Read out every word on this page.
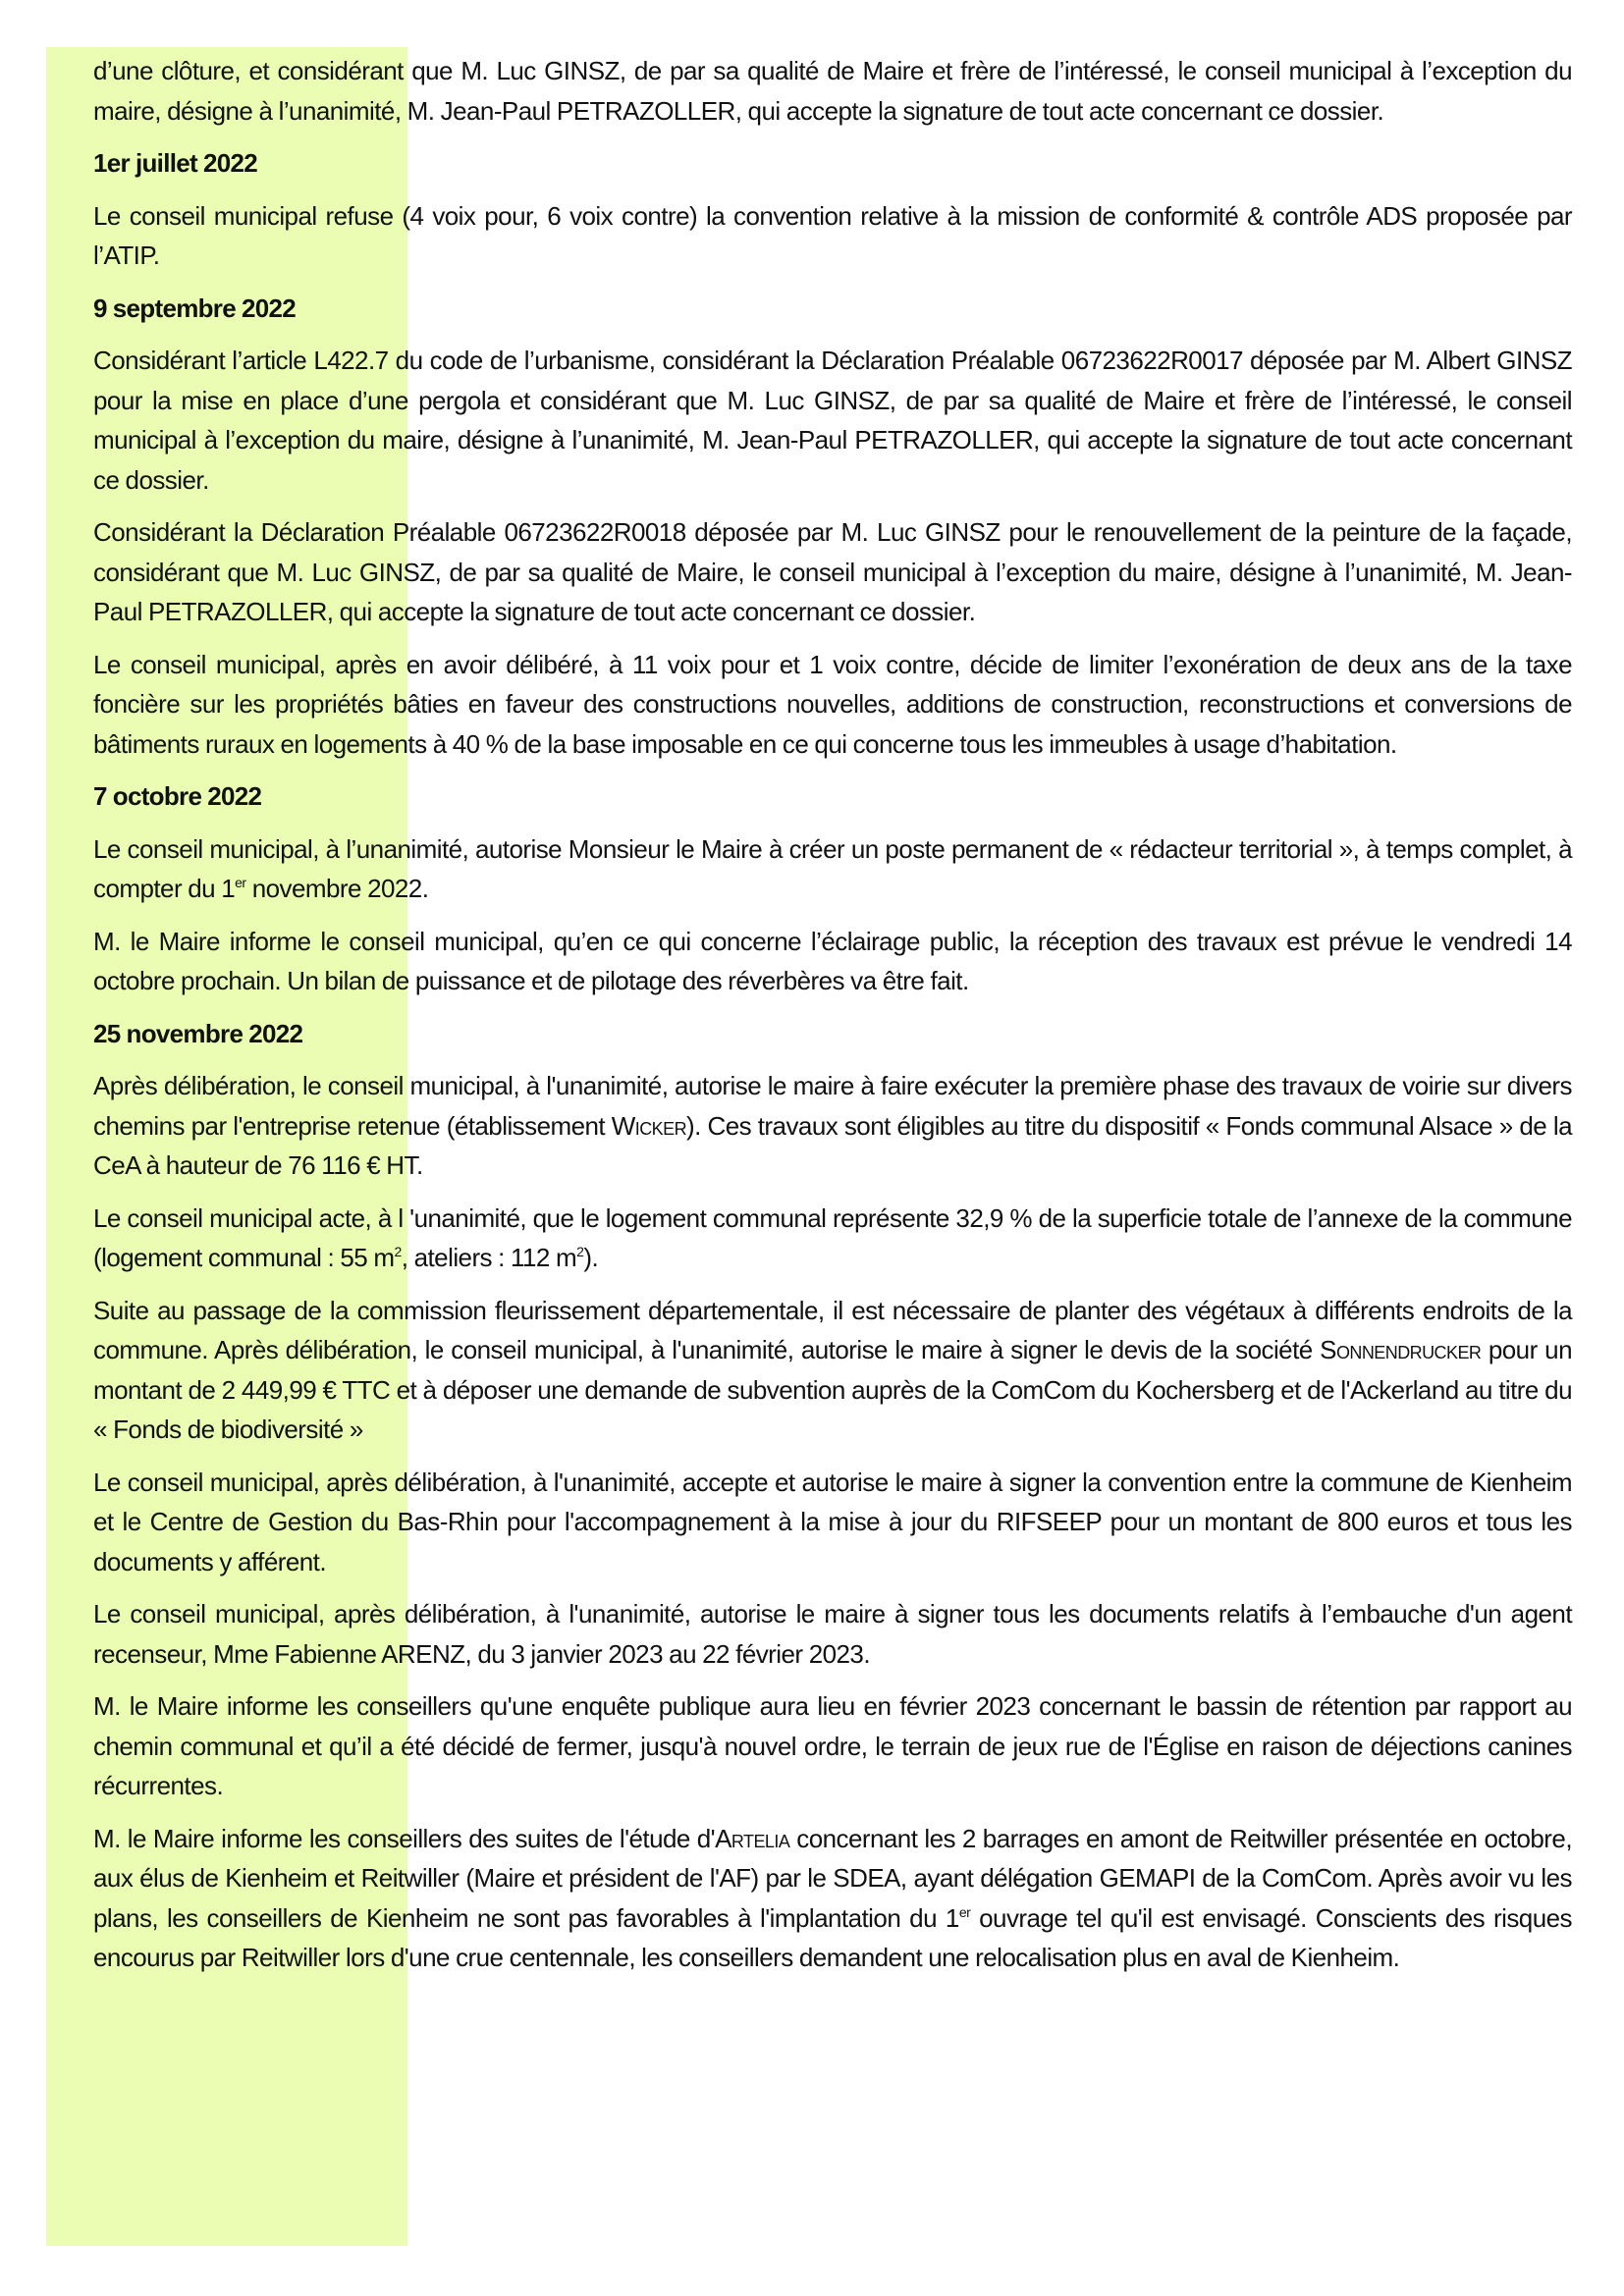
d’une clôture, et considérant que M. Luc GINSZ, de par sa qualité de Maire et frère de l’intéressé, le conseil municipal à l’exception du maire, désigne à l’unanimité, M. Jean-Paul PETRAZOLLER, qui accepte la signature de tout acte concernant ce dossier.

1er juillet 2022

Le conseil municipal refuse (4 voix pour, 6 voix contre) la convention relative à la mission de conformité & contrôle ADS proposée par l’ATIP.

9 septembre 2022

Considérant l’article L422.7 du code de l’urbanisme, considérant la Déclaration Préalable 06723622R0017 déposée par M. Albert GINSZ pour la mise en place d’une pergola et considérant que M. Luc GINSZ, de par sa qualité de Maire et frère de l’intéressé, le conseil municipal à l’exception du maire, désigne à l’unanimité, M. Jean-Paul PETRAZOLLER, qui accepte la signature de tout acte concernant ce dossier.

Considérant la Déclaration Préalable 06723622R0018 déposée par M. Luc GINSZ pour le renouvellement de la peinture de la façade, considérant que M. Luc GINSZ, de par sa qualité de Maire, le conseil municipal à l’exception du maire, désigne à l’unanimité, M. Jean-Paul PETRAZOLLER, qui accepte la signature de tout acte concernant ce dossier.

Le conseil municipal, après en avoir délibéré, à 11 voix pour et 1 voix contre, décide de limiter l’exonération de deux ans de la taxe foncière sur les propriétés bâties en faveur des constructions nouvelles, additions de construction, reconstructions et conversions de bâtiments ruraux en logements à 40 % de la base imposable en ce qui concerne tous les immeubles à usage d’habitation.

7 octobre 2022

Le conseil municipal, à l’unanimité, autorise Monsieur le Maire à créer un poste permanent de « rédacteur territorial », à temps complet, à compter du 1er novembre 2022.

M. le Maire informe le conseil municipal, qu’en ce qui concerne l’éclairage public, la réception des travaux est prévue le vendredi 14 octobre prochain. Un bilan de puissance et de pilotage des réverbères va être fait.

25 novembre 2022

Après délibération, le conseil municipal, à l'unanimité, autorise le maire à faire exécuter la première phase des travaux de voirie sur divers chemins par l'entreprise retenue (établissement Wicker). Ces travaux sont éligibles au titre du dispositif « Fonds communal Alsace » de la CeA à hauteur de 76 116 € HT.

Le conseil municipal acte, à l 'unanimité, que le logement communal représente 32,9 % de la superficie totale de l’annexe de la commune (logement communal : 55 $m^2$, ateliers : 112 $m^2$).

Suite au passage de la commission fleurissement départementale, il est nécessaire de planter des végétaux à différents endroits de la commune. Après délibération, le conseil municipal, à l'unanimité, autorise le maire à signer le devis de la société Sonnendrucker pour un montant de 2 449,99 € TTC et à déposer une demande de subvention auprès de la ComCom du Kochersberg et de l'Ackerland au titre du « Fonds de biodiversité »

Le conseil municipal, après délibération, à l'unanimité, accepte et autorise le maire à signer la convention entre la commune de Kienheim et le Centre de Gestion du Bas-Rhin pour l'accompagnement à la mise à jour du RIFSEEP pour un montant de 800 euros et tous les documents y afférent.

Le conseil municipal, après délibération, à l'unanimité, autorise le maire à signer tous les documents relatifs à l’embauche d'un agent recenseur, Mme Fabienne ARENZ, du 3 janvier 2023 au 22 février 2023.

M. le Maire informe les conseillers qu'une enquête publique aura lieu en février 2023 concernant le bassin de rétention par rapport au chemin communal et qu’il a été décidé de fermer, jusqu'à nouvel ordre, le terrain de jeux rue de l'Église en raison de déjections canines récurrentes.

M. le Maire informe les conseillers des suites de l'étude d'Artelia concernant les 2 barrages en amont de Reitwiller présentée en octobre, aux élus de Kienheim et Reitwiller (Maire et président de l'AF) par le SDEA, ayant délégation GEMAPI de la ComCom. Après avoir vu les plans, les conseillers de Kienheim ne sont pas favorables à l'implantation du 1er ouvrage tel qu'il est envisagé. Conscients des risques encourus par Reitwiller lors d'une crue centennale, les conseillers demandent une relocalisation plus en aval de Kienheim.
